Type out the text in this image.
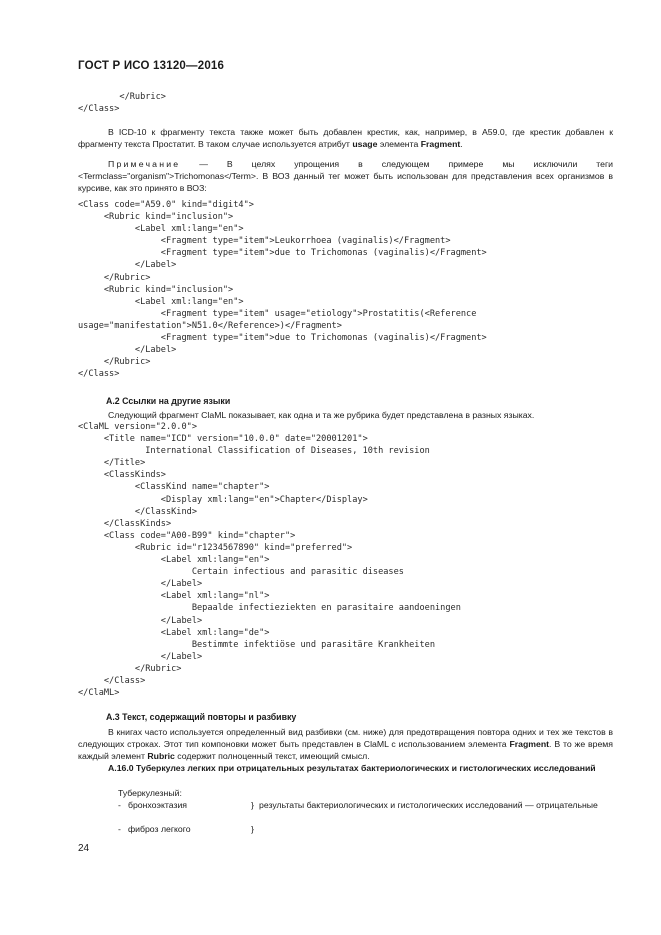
ГОСТ Р ИСО 13120—2016
</Rubric>
</Class>
В ICD-10 к фрагменту текста также может быть добавлен крестик, как, например, в А59.0, где крестик добавлен к фрагменту текста Простатит. В таком случае используется атрибут usage элемента Fragment.
Примечание — В целях упрощения в следующем примере мы исключили теги <Termclass="organism">Trichomonas</Term>. В ВОЗ данный тег может быть использован для представления всех организмов в курсиве, как это принято в ВОЗ:
<Class code="A59.0" kind="digit4">
<Rubric kind="inclusion">
<Label xml:lang="en">
<Fragment type="item">Leukorrhoea (vaginalis)</Fragment>
<Fragment type="item">due to Trichomonas (vaginalis)</Fragment>
</Label>
</Rubric>
<Rubric kind="inclusion">
<Label xml:lang="en">
<Fragment type="item" usage="etiology">Prostatitis(<Reference
usage="manifestation">N51.0</Reference>)</Fragment>
<Fragment type="item">due to Trichomonas (vaginalis)</Fragment>
</Label>
</Rubric>
</Class>
А.2 Ссылки на другие языки
Следующий фрагмент ClaML показывает, как одна и та же рубрика будет представлена в разных языках.
<ClaML version="2.0.0">
<Title name="ICD" version="10.0.0" date="20001201">
International Classification of Diseases, 10th revision
</Title>
<ClassKinds>
<ClassKind name="chapter">
<Display xml:lang="en">Chapter</Display>
</ClassKind>
</ClassKinds>
<Class code="A00-B99" kind="chapter">
<Rubric id="r1234567890" kind="preferred">
<Label xml:lang="en">
Certain infectious and parasitic diseases
</Label>
<Label xml:lang="nl">
Bepaalde infectieziekten en parasitaire aandoeningen
</Label>
<Label xml:lang="de">
Bestimmte infektiöse und parasitäre Krankheiten
</Label>
</Rubric>
</Class>
</ClaML>
А.3 Текст, содержащий повторы и разбивку
В книгах часто используется определенный вид разбивки (см. ниже) для предотвращения повтора одних и тех же текстов в следующих строках. Этот тип компоновки может быть представлен в ClaML с использованием элемента Fragment. В то же время каждый элемент Rubric содержит полноценный текст, имеющий смысл.
А.16.0 Туберкулез легких при отрицательных результатах бактериологических и гистологических исследований
Туберкулезный:
- бронхоэктазия	} результаты бактериологических и гистологических исследований — отрицательные
- фиброз легкого	}
24
